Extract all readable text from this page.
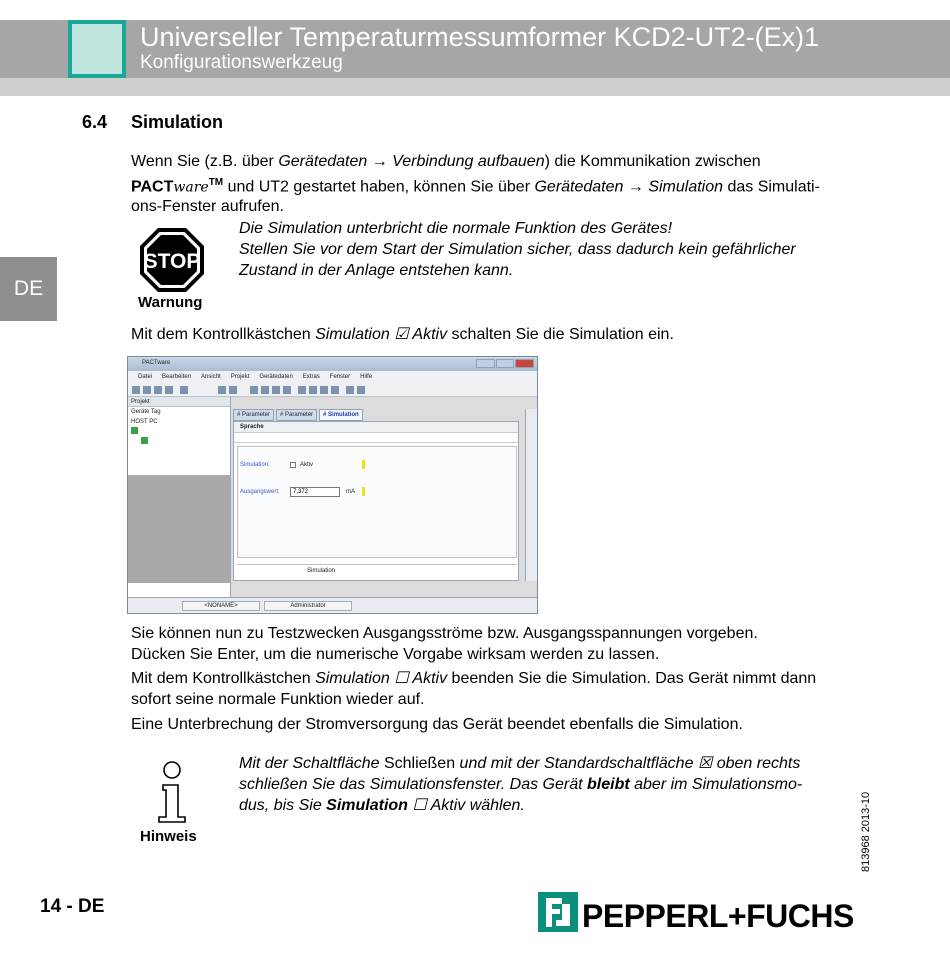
Universeller Temperaturmessumformer KCD2-UT2-(Ex)1
Konfigurationswerkzeug
DE
6.4 Simulation
Wenn Sie (z.B. über Gerätedaten → Verbindung aufbauen) die Kommunikation zwischen
PACTware™ und UT2 gestartet haben, können Sie über Gerätedaten → Simulation das Simulati-
ons-Fenster aufrufen.
STOP
Warnung
Die Simulation unterbricht die normale Funktion des Gerätes!
Stellen Sie vor dem Start der Simulation sicher, dass dadurch kein gefährlicher
Zustand in der Anlage entstehen kann.
Mit dem Kontrollkästchen Simulation ☑ Aktiv schalten Sie die Simulation ein.
PACTware
Datei Bearbeiten Ansicht Projekt Gerätedaten Extras Fenster Hilfe
Projekt
Geräte Tag
HOST PC
# Parameter	# Parameter	# Simulation
Sprache
Simulation:	Aktiv
Ausgangswert:	7,372	mA
Simulation
<NONAME>	Administrator
Sie können nun zu Testzwecken Ausgangsströme bzw. Ausgangsspannungen vorgeben.
Dücken Sie Enter, um die numerische Vorgabe wirksam werden zu lassen.
Mit dem Kontrollkästchen Simulation ☐ Aktiv beenden Sie die Simulation. Das Gerät nimmt dann
sofort seine normale Funktion wieder auf.
Eine Unterbrechung der Stromversorgung das Gerät beendet ebenfalls die Simulation.
Hinweis
Mit der Schaltfläche Schließen und mit der Standardschaltfläche ☒ oben rechts
schließen Sie das Simulationsfenster. Das Gerät bleibt aber im Simulationsmo-
dus, bis Sie Simulation ☐ Aktiv wählen.	813968 2013-10
14 - DE	PEPPERL+FUCHS
